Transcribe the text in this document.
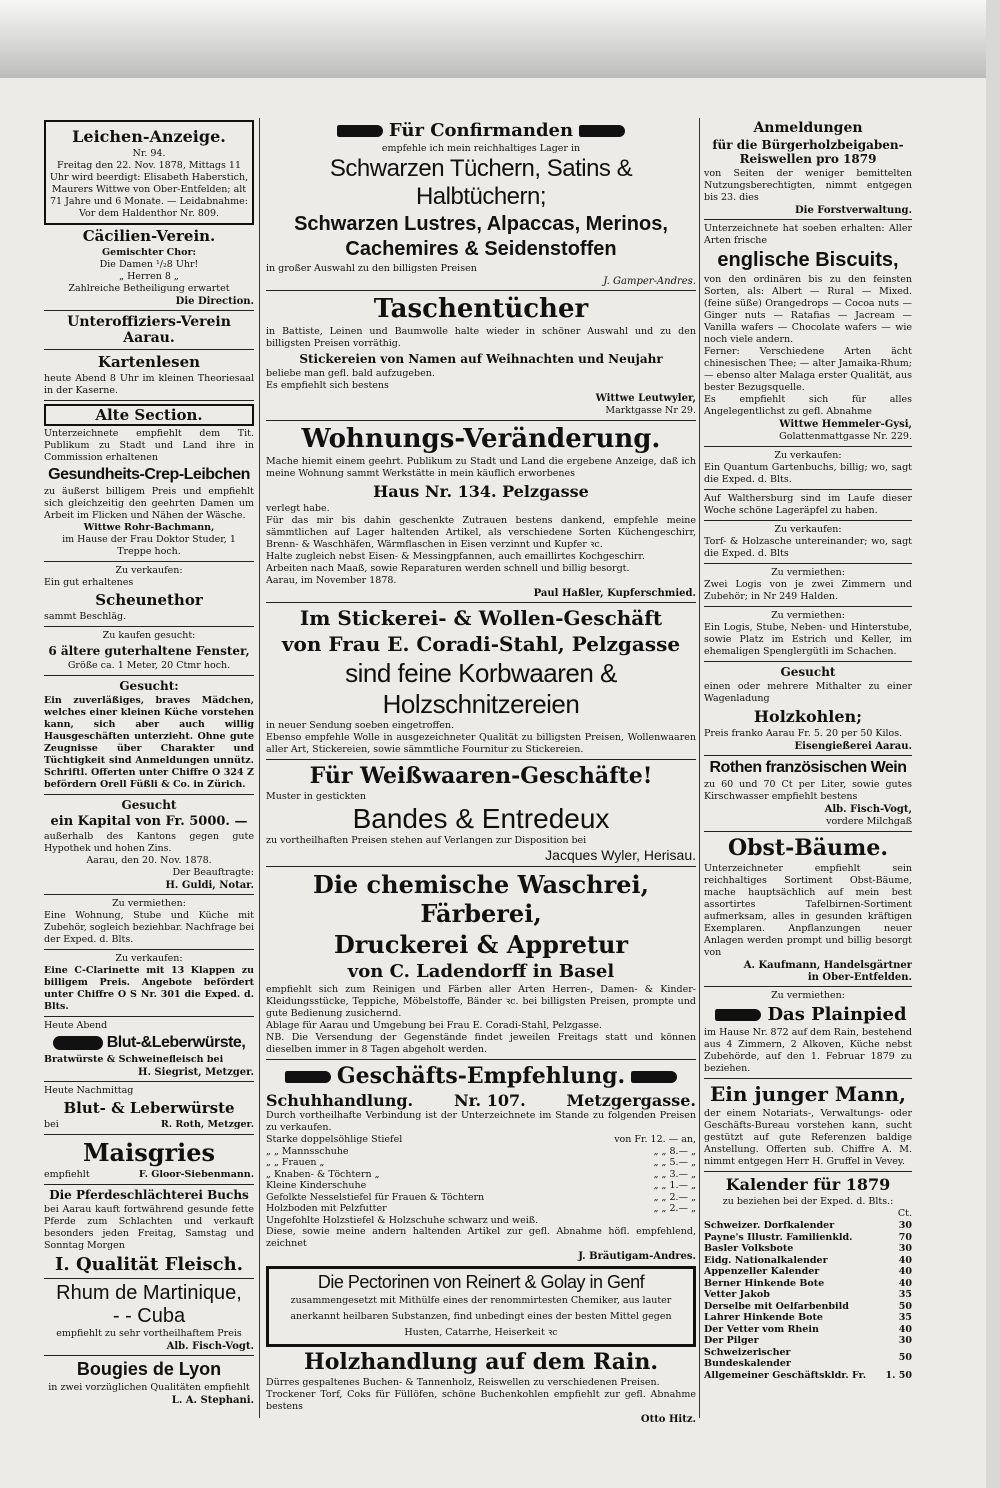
Leichen-Anzeige.
Nr. 94.

Freitag den 22. Nov. 1878, Mittags 11 Uhr wird beerdigt: Elisabeth Haberstich, Maurers Wittwe von Ober-Entfelden; alt 71 Jahre und 6 Monate. — Leidabnahme: Vor dem Haldenthor Nr. 809.

Cäcilien-Verein.
Gemischter Chor:
Die Damen ¹/₂8 Uhr!
„ Herren 8 „
Zahlreiche Betheiligung erwartet
Die Direction.
Unteroffiziers-Verein Aarau.
Kartenlesen

heute Abend 8 Uhr im kleinen Theoriesaal in der Kaserne.

Alte Section.

Unterzeichnete empfiehlt dem Tit. Publikum zu Stadt und Land ihre in Commission erhaltenen

Gesundheits-Crep-Leibchen

zu äußerst billigem Preis und empfiehlt sich gleichzeitig den geehrten Damen um Arbeit im Flicken und Nähen der Wäsche.

Wittwe Rohr-Bachmann,
im Hause der Frau Doktor Studer, 1 Treppe hoch.
Zu verkaufen:
Ein gut erhaltenes
Scheunethor
sammt Beschläg.
Zu kaufen gesucht:
6 ältere guterhaltene Fenster,
Größe ca. 1 Meter, 20 Ctmr hoch.
Gesucht:

Ein zuverläßiges, braves Mädchen, welches einer kleinen Küche vorstehen kann, sich aber auch willig Hausgeschäften unterzieht. Ohne gute Zeugnisse über Charakter und Tüchtigkeit sind Anmeldungen unnütz. Schriftl. Offerten unter Chiffre O 324 Z befördern Orell Füßli & Co. in Zürich.

Gesucht
ein Kapital von Fr. 5000. —

außerhalb des Kantons gegen gute Hypothek und hohen Zins.

Aarau, den 20. Nov. 1878.
Der Beauftragte:
H. Guldi, Notar.
Zu vermiethen:

Eine Wohnung, Stube und Küche mit Zubehör, sogleich beziehbar. Nachfrage bei der Exped. d. Blts.

Zu verkaufen:

Eine C-Clarinette mit 13 Klappen zu billigem Preis. Angebote befördert unter Chiffre O S Nr. 301 die Exped. d. Blts.

Heute Abend
Blut-&Leberwürste,
Bratwürste & Schweinefleisch bei
H. Siegrist, Metzger.
Heute Nachmittag
Blut- & Leberwürste
bei	R. Roth, Metzger.
Maisgries
empfiehlt	F. Gloor-Siebenmann.
Die Pferdeschlächterei Buchs

bei Aarau kauft fortwährend gesunde fette Pferde zum Schlachten und verkauft besonders jeden Freitag, Samstag und Sonntag Morgen

I. Qualität Fleisch.
Rhum de Martinique,
- - Cuba
empfiehlt zu sehr vortheilhaftem Preis
Alb. Fisch-Vogt.
Bougies de Lyon
in zwei vorzüglichen Qualitäten empfiehlt
L. A. Stephani.
Für Confirmanden
empfehle ich mein reichhaltiges Lager in
Schwarzen Tüchern, Satins & Halbtüchern;
Schwarzen Lustres, Alpaccas, Merinos,
Cachemires & Seidenstoffen
in großer Auswahl zu den billigsten Preisen
J. Gamper-Andres.
Taschentücher

in Battiste, Leinen und Baumwolle halte wieder in schöner Auswahl und zu den billigsten Preisen vorräthig.

Stickereien von Namen auf Weihnachten und Neujahr
beliebe man gefl. bald aufzugeben.
Es empfiehlt sich bestens
Wittwe Leutwyler,
Marktgasse Nr 29.
Wohnungs-Veränderung.

Mache hiemit einem geehrt. Publikum zu Stadt und Land die ergebene Anzeige, daß ich meine Wohnung sammt Werkstätte in mein käuflich erworbenes

Haus Nr. 134. Pelzgasse

verlegt habe.
Für das mir bis dahin geschenkte Zutrauen bestens dankend, empfehle meine sämmtlichen auf Lager haltenden Artikel, als verschiedene Sorten Küchengeschirr, Brenn- & Waschhäfen, Wärmflaschen in Eisen verzinnt und Kupfer ꝛc.
Halte zugleich nebst Eisen- & Messingpfannen, auch emaillirtes Kochgeschirr.
Arbeiten nach Maaß, sowie Reparaturen werden schnell und billig besorgt.
Aarau, im November 1878.

Paul Haßler, Kupferschmied.
Im Stickerei- & Wollen-Geschäft
von Frau E. Coradi-Stahl, Pelzgasse
sind feine Korbwaaren & Holzschnitzereien

in neuer Sendung soeben eingetroffen.
Ebenso empfehle Wolle in ausgezeichneter Qualität zu billigsten Preisen, Wollenwaaren aller Art, Stickereien, sowie sämmtliche Fournitur zu Stickereien.

Für Weißwaaren-Geschäfte!
Muster in gestickten
Bandes & Entredeux
zu vortheilhaften Preisen stehen auf Verlangen zur Disposition bei
Jacques Wyler, Herisau.
Die chemische Waschrei, Färberei,
Druckerei & Appretur
von C. Ladendorff in Basel

empfiehlt sich zum Reinigen und Färben aller Arten Herren-, Damen- & Kinder-Kleidungsstücke, Teppiche, Möbelstoffe, Bänder ꝛc. bei billigsten Preisen, prompte und gute Bedienung zusichernd.
Ablage für Aarau und Umgebung bei Frau E. Coradi-Stahl, Pelzgasse.
NB. Die Versendung der Gegenstände findet jeweilen Freitags statt und können dieselben immer in 8 Tagen abgeholt werden.

Geschäfts-Empfehlung.
Schuhhandlung.	Nr. 107.	Metzgergasse.

Durch vortheilhafte Verbindung ist der Unterzeichnete im Stande zu folgenden Preisen zu verkaufen.

Starke doppelsöhlige Stiefel	von Fr. 12. — an,
„ „ Mannsschuhe	„ „ 8.— „
„ „ Frauen „	„ „ 5.— „
„ Knaben- & Töchtern „	„ „ 3.— „
Kleine Kinderschuhe	„ „ 1.— „
Gefolkte Nesselstiefel für Frauen & Töchtern	„ „ 2.— „
Holzboden mit Pelzfutter	„ „ 2.— „
Ungefohlte Holzstiefel & Holzschuhe schwarz und weiß.	

Diese, sowie meine andern haltenden Artikel zur gefl. Abnahme höfl. empfehlend, zeichnet

J. Bräutigam-Andres.
Die Pectorinen von Reinert & Golay in Genf

zusammengesetzt mit Mithülfe eines der renommirtesten Chemiker, aus lauter anerkannt heilbaren Substanzen, find unbedingt eines der besten Mittel gegen Husten, Catarrhe, Heiserkeit ꝛc

Holzhandlung auf dem Rain.

Dürres gespaltenes Buchen- & Tannenholz, Reiswellen zu verschiedenen Preisen.
Trockener Torf, Coks für Füllöfen, schöne Buchenkohlen empfiehlt zur gefl. Abnahme bestens

Otto Hitz.
Anmeldungen
für die Bürgerholzbeigaben-Reiswellen pro 1879

von Seiten der weniger bemittelten Nutzungsberechtigten, nimmt entgegen bis 23. dies

Die Forstverwaltung.

Unterzeichnete hat soeben erhalten: Aller Arten frische

englische Biscuits,

von den ordinären bis zu den feinsten Sorten, als: Albert — Rural — Mixed. (feine süße) Orangedrops — Cocoa nuts — Ginger nuts — Ratafias — Jacream — Vanilla wafers — Chocolate wafers — wie noch viele andern.
Ferner: Verschiedene Arten ächt chinesischen Thee; — alter Jamaika-Rhum; — ebenso alter Malaga erster Qualität, aus bester Bezugsquelle.
Es empfiehlt sich für alles Angelegentlichst zu gefl. Abnahme

Wittwe Hemmeler-Gysi,
Golattenmattgasse Nr. 229.
Zu verkaufen:

Ein Quantum Gartenbuchs, billig; wo, sagt die Exped. d. Blts.

Auf Walthersburg sind im Laufe dieser Woche schöne Lageräpfel zu haben.

Zu verkaufen:

Torf- & Holzasche untereinander; wo, sagt die Exped. d. Blts

Zu vermiethen:

Zwei Logis von je zwei Zimmern und Zubehör; in Nr 249 Halden.

Zu vermiethen:

Ein Logis, Stube, Neben- und Hinterstube, sowie Platz im Estrich und Keller, im ehemaligen Spenglergütli im Schachen.

Gesucht

einen oder mehrere Mithalter zu einer Wagenladung

Holzkohlen;

Preis franko Aarau Fr. 5. 20 per 50 Kilos.

Eisengießerei Aarau.
Rothen französischen Wein

zu 60 und 70 Ct per Liter, sowie gutes Kirschwasser empfiehlt bestens

Alb. Fisch-Vogt,
vordere Milchgaß
Obst-Bäume.

Unterzeichneter empfiehlt sein reichhaltiges Sortiment Obst-Bäume, mache hauptsächlich auf mein best assortirtes Tafelbirnen-Sortiment aufmerksam, alles in gesunden kräftigen Exemplaren. Anpflanzungen neuer Anlagen werden prompt und billig besorgt von

A. Kaufmann, Handelsgärtner
in Ober-Entfelden.
Zu vermiethen:
Das Plainpied

im Hause Nr. 872 auf dem Rain, bestehend aus 4 Zimmern, 2 Alkoven, Küche nebst Zubehörde, auf den 1. Februar 1879 zu beziehen.

Ein junger Mann,

der einem Notariats-, Verwaltungs- oder Geschäfts-Bureau vorstehen kann, sucht gestützt auf gute Referenzen baldige Anstellung. Offerten sub. Chiffre A. M. nimmt entgegen Herr H. Gruffel in Vevey.

Kalender für 1879
zu beziehen bei der Exped. d. Blts.:
Ct.
Schweizer. Dorfkalender	30
Payne's Illustr. Familienkld.	70
Basler Volksbote	30
Eidg. Nationalkalender	40
Appenzeller Kalender	40
Berner Hinkende Bote	40
Vetter Jakob	35
Derselbe mit Oelfarbenbild	50
Lahrer Hinkende Bote	35
Der Vetter vom Rhein	40
Der Pilger	30
Schweizerischer Bundeskalender	50
Allgemeiner Geschäftskldr. Fr.	1. 50
